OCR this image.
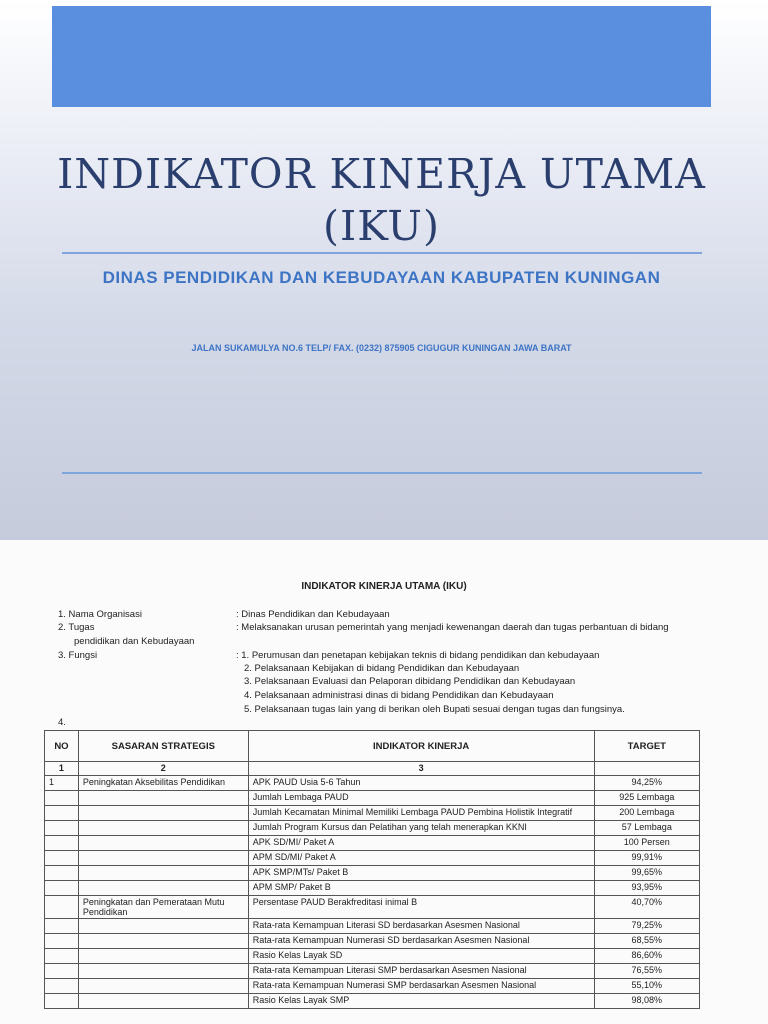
INDIKATOR KINERJA UTAMA
(IKU)
DINAS PENDIDIKAN DAN KEBUDAYAAN KABUPATEN KUNINGAN
JALAN SUKAMULYA NO.6 TELP/ FAX. (0232) 875905 CIGUGUR KUNINGAN JAWA BARAT
INDIKATOR KINERJA UTAMA (IKU)
1. Nama Organisasi	: Dinas Pendidikan dan Kebudayaan
2. Tugas	: Melaksanakan urusan pemerintah yang menjadi kewenangan daerah dan tugas perbantuan di bidang
pendidikan dan Kebudayaan
3. Fungsi	: 1. Perumusan dan penetapan kebijakan teknis di bidang pendidikan dan kebudayaan
2. Pelaksanaan Kebijakan di bidang Pendidikan dan Kebudayaan
3. Pelaksanaan Evaluasi dan Pelaporan dibidang Pendidikan dan Kebudayaan
4. Pelaksanaan administrasi dinas di bidang Pendidikan dan Kebudayaan
5. Pelaksanaan tugas lain yang di berikan oleh Bupati sesuai dengan tugas dan fungsinya.
4.
NO	SASARAN STRATEGIS	INDIKATOR KINERJA	TARGET
1	2	3	
1	Peningkatan Aksebilitas Pendidikan	APK PAUD Usia 5-6 Tahun	94,25%
		Jumlah Lembaga PAUD	925 Lembaga
		Jumlah Kecamatan Minimal Memiliki Lembaga PAUD Pembina Holistik Integratif	200 Lembaga
		Jumlah Program Kursus dan Pelatihan yang telah menerapkan KKNI	57 Lembaga
		APK SD/MI/ Paket A	100 Persen
		APM SD/MI/ Paket A	99,91%
		APK SMP/MTs/ Paket B	99,65%
		APM SMP/ Paket B	93,95%
	Peningkatan dan Pemerataan Mutu Pendidikan	Persentase PAUD Berakfreditasi inimal B	40,70%
		Rata-rata Kemampuan Literasi SD berdasarkan Asesmen Nasional	79,25%
		Rata-rata Kemampuan Numerasi SD berdasarkan Asesmen Nasional	68,55%
		Rasio Kelas Layak SD	86,60%
		Rata-rata Kemampuan Literasi SMP berdasarkan Asesmen Nasional	76,55%
		Rata-rata Kemampuan Numerasi SMP berdasarkan Asesmen Nasional	55,10%
		Rasio Kelas Layak SMP	98,08%
